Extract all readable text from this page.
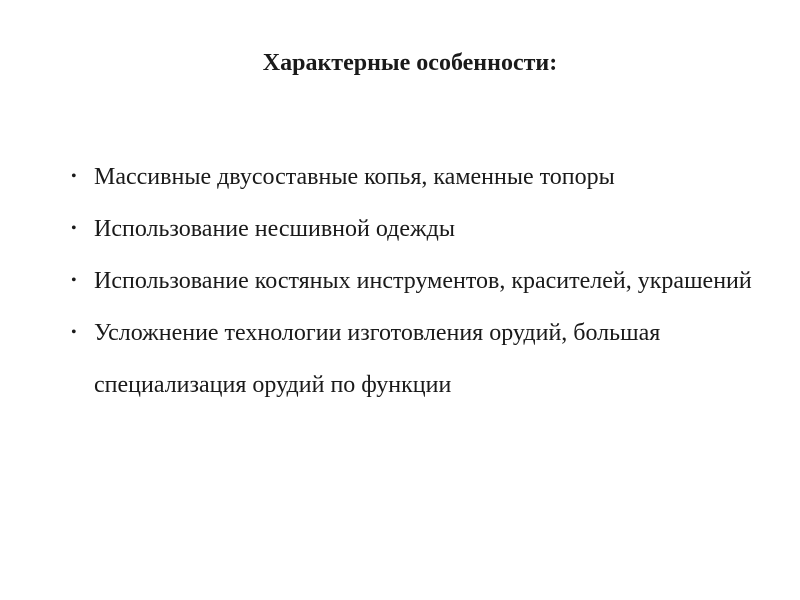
Характерные особенности:
• Массивные двусоставные копья, каменные топоры
• Использование несшивной одежды
• Использование костяных инструментов, красителей, украшений
• Усложнение технологии изготовления орудий, большая специализация орудий по функции
